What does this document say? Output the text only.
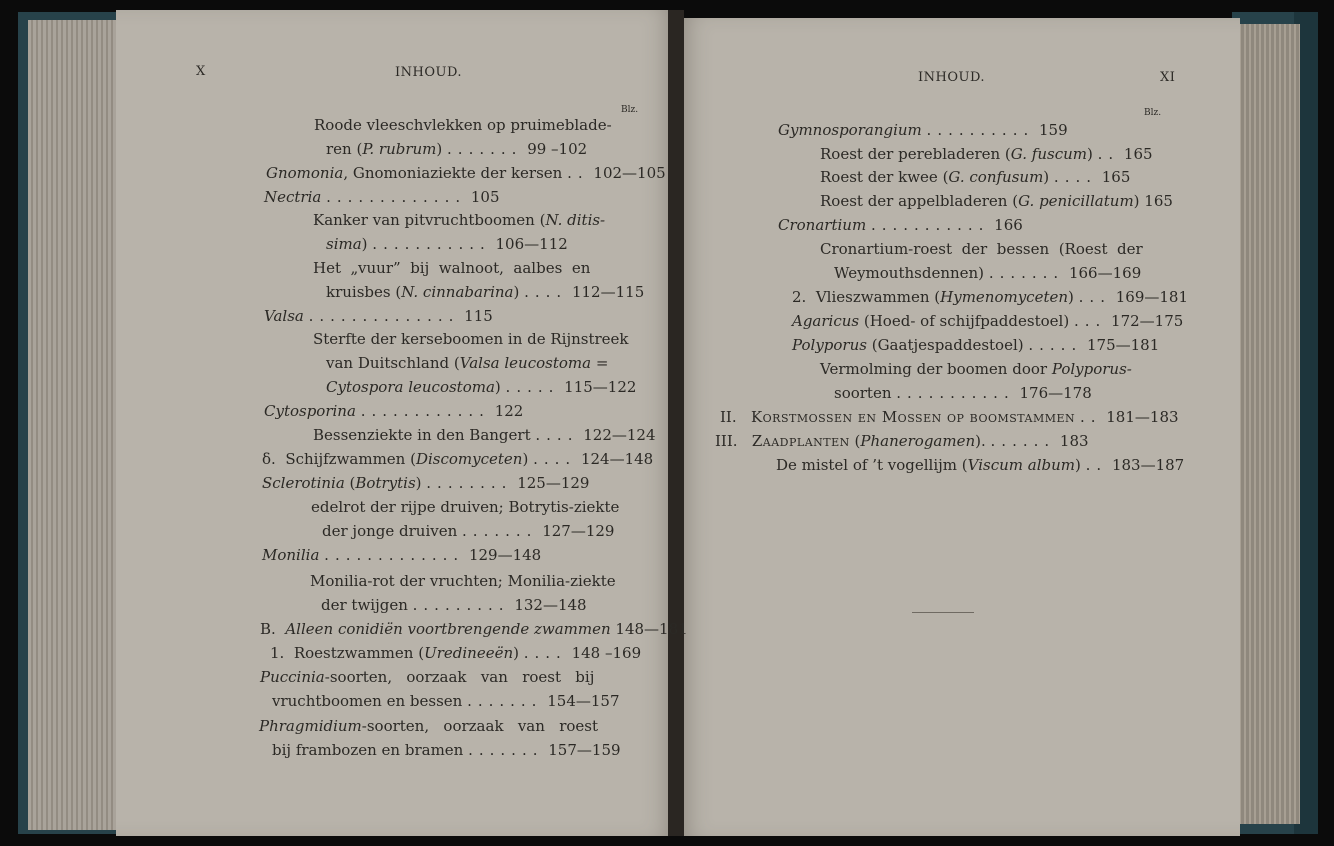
X	INHOUD.
Blz.
Roode vleeschvlekken op pruimeblade-
ren (P. rubrum) ....... 99 –102
Gnomonia, Gnomoniaziekte der kersen .. 102—105
Nectria ............. 105
Kanker van pitvruchtboomen (N. ditis-
sima) ........... 106—112
Het  „vuur”  bij  walnoot,  aalbes  en
kruisbes (N. cinnabarina) .... 112—115
Valsa .............. 115
Sterfte der kerseboomen in de Rijnstreek
van Duitschland (Valsa leucostoma =
Cytospora leucostoma) ..... 115—122
Cytosporina ............ 122
Bessenziekte in den Bangert .... 122—124
δ.  Schijfzwammen (Discomyceten) .... 124—148
Sclerotinia (Botrytis) ........ 125—129
edelrot der rijpe druiven; Botrytis-ziekte
der jonge druiven ....... 127—129
Monilia ............. 129—148
Monilia-rot der vruchten; Monilia-ziekte
der twijgen ......... 132—148
B.  Alleen conidiën voortbrengende zwammen 148—181
1.  Roestzwammen (Uredineeën) .... 148 –169
Puccinia-soorten,   oorzaak   van   roest   bij
vruchtboomen en bessen ....... 154—157
Phragmidium-soorten,   oorzaak   van   roest
bij frambozen en bramen ....... 157—159
INHOUD.	XI
Blz.
Gymnosporangium .......... 159
Roest der perebladeren (G. fuscum) .. 165
Roest der kwee (G. confusum) .... 165
Roest der appelbladeren (G. penicillatum) 165
Cronartium ........... 166
Cronartium-roest  der  bessen  (Roest  der
Weymouthsdennen) ....... 166—169
2.  Vlieszwammen (Hymenomyceten) ... 169—181
Agaricus (Hoed- of schijfpaddestoel) ... 172—175
Polyporus (Gaatjespaddestoel) ..... 175—181
Vermolming der boomen door Polyporus-
soorten ........... 176—178
II.   Korstmossen en Mossen op boomstammen .. 181—183
III.   Zaadplanten (Phanerogamen). ...... 183
De mistel of ’t vogellijm (Viscum album) .. 183—187
